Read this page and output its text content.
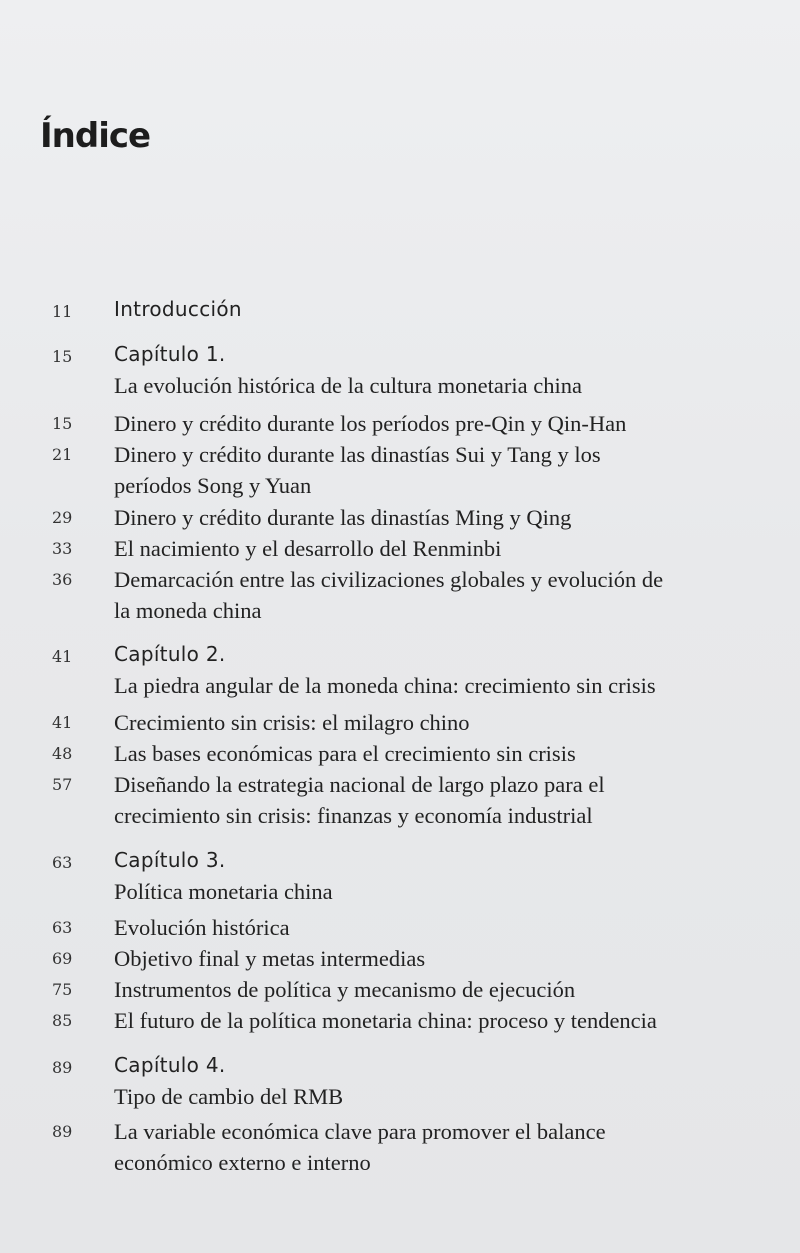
Índice
11 Introducción
15 Capítulo 1.
La evolución histórica de la cultura monetaria china
15 Dinero y crédito durante los períodos pre-Qin y Qin-Han
21 Dinero y crédito durante las dinastías Sui y Tang y los
períodos Song y Yuan
29 Dinero y crédito durante las dinastías Ming y Qing
33 El nacimiento y el desarrollo del Renminbi
36 Demarcación entre las civilizaciones globales y evolución de
la moneda china
41 Capítulo 2.
La piedra angular de la moneda china: crecimiento sin crisis
41 Crecimiento sin crisis: el milagro chino
48 Las bases económicas para el crecimiento sin crisis
57 Diseñando la estrategia nacional de largo plazo para el
crecimiento sin crisis: finanzas y economía industrial
63 Capítulo 3.
Política monetaria china
63 Evolución histórica
69 Objetivo final y metas intermedias
75 Instrumentos de política y mecanismo de ejecución
85 El futuro de la política monetaria china: proceso y tendencia
89 Capítulo 4.
Tipo de cambio del RMB
89 La variable económica clave para promover el balance
económico externo e interno
